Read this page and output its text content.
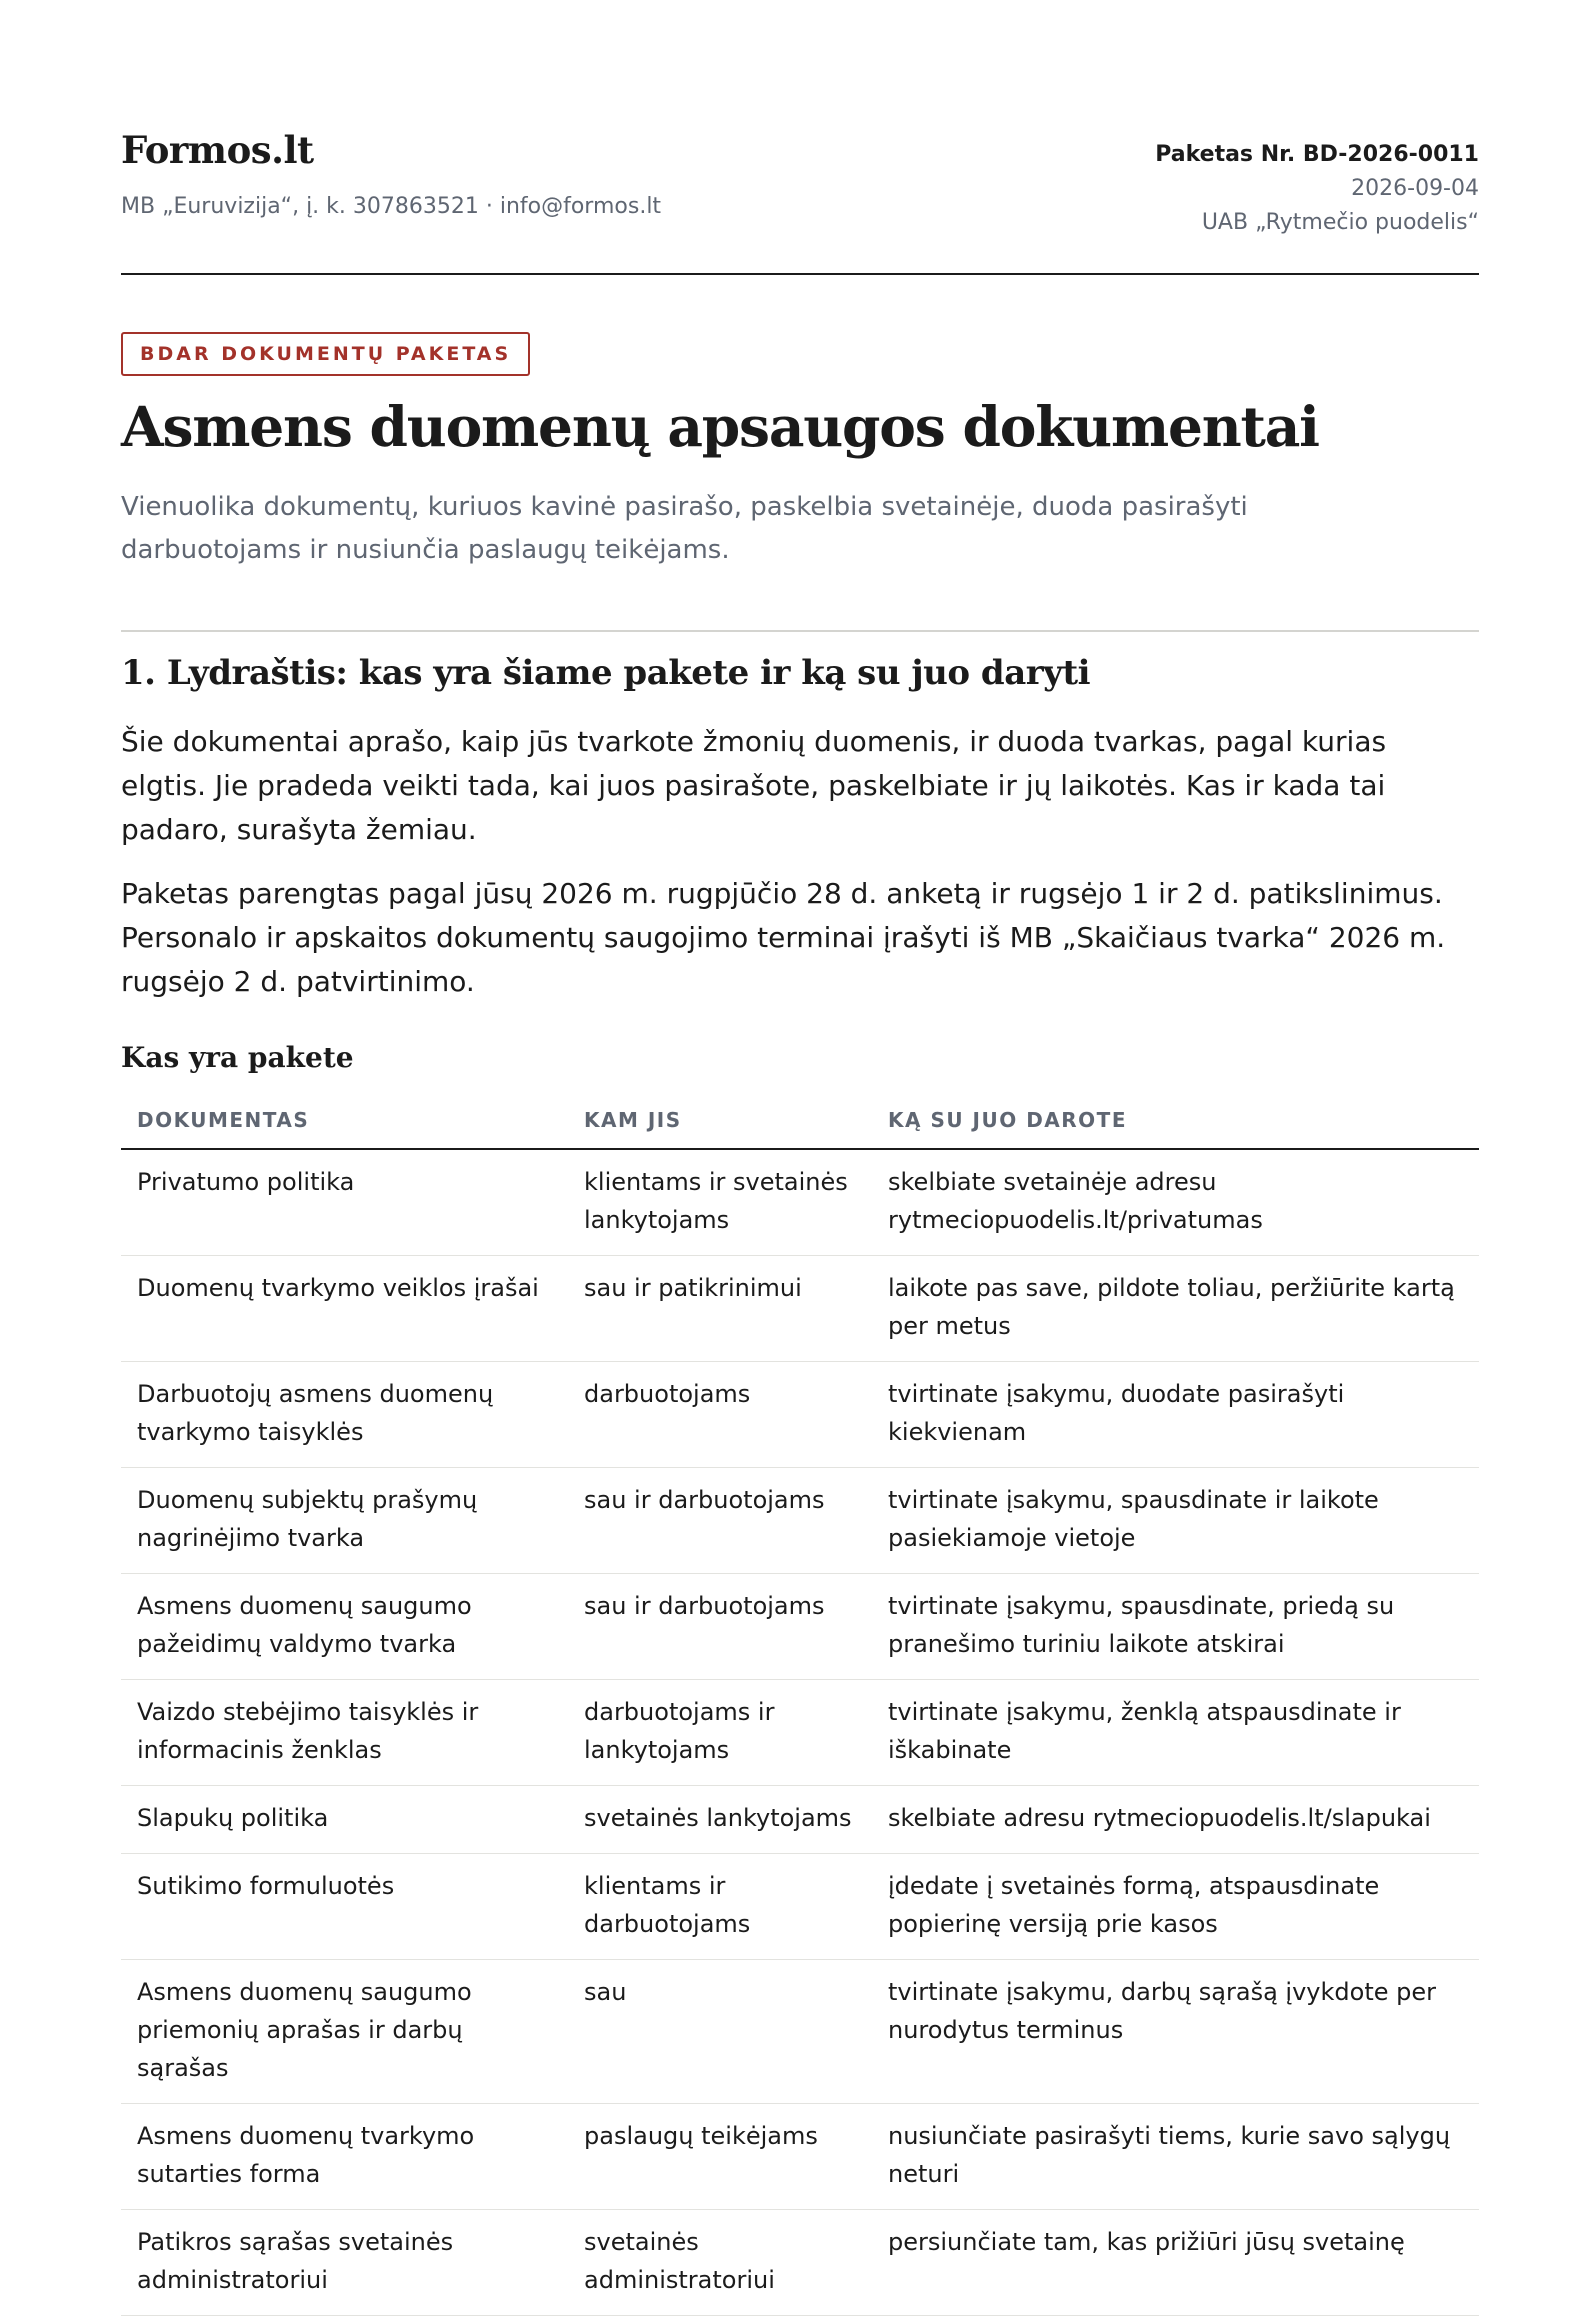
Formos.lt
MB „Euruvizija“, į. k. 307863521 · info@formos.lt
Paketas Nr. BD-2026-0011
2026-09-04
UAB „Rytmečio puodelis“
BDAR DOKUMENTŲ PAKETAS
Asmens duomenų apsaugos dokumentai
Vienuolika dokumentų, kuriuos kavinė pasirašo, paskelbia svetainėje, duoda pasirašyti darbuotojams ir nusiunčia paslaugų teikėjams.
1. Lydraštis: kas yra šiame pakete ir ką su juo daryti

Šie dokumentai aprašo, kaip jūs tvarkote žmonių duomenis, ir duoda tvarkas, pagal kurias elgtis. Jie pradeda veikti tada, kai juos pasirašote, paskelbiate ir jų laikotės. Kas ir kada tai padaro, surašyta žemiau.

Paketas parengtas pagal jūsų 2026 m. rugpjūčio 28 d. anketą ir rugsėjo 1 ir 2 d. patikslinimus. Personalo ir apskaitos dokumentų saugojimo terminai įrašyti iš MB „Skaičiaus tvarka“ 2026 m. rugsėjo 2 d. patvirtinimo.

Kas yra pakete
DOKUMENTAS	KAM JIS	KĄ SU JUO DAROTE
Privatumo politika	klientams ir svetainės lankytojams	skelbiate svetainėje adresu rytmeciopuodelis.lt/privatumas
Duomenų tvarkymo veiklos įrašai	sau ir patikrinimui	laikote pas save, pildote toliau, peržiūrite kartą per metus
Darbuotojų asmens duomenų tvarkymo taisyklės	darbuotojams	tvirtinate įsakymu, duodate pasirašyti kiekvienam
Duomenų subjektų prašymų nagrinėjimo tvarka	sau ir darbuotojams	tvirtinate įsakymu, spausdinate ir laikote pasiekiamoje vietoje
Asmens duomenų saugumo pažeidimų valdymo tvarka	sau ir darbuotojams	tvirtinate įsakymu, spausdinate, priedą su pranešimo turiniu laikote atskirai
Vaizdo stebėjimo taisyklės ir informacinis ženklas	darbuotojams ir lankytojams	tvirtinate įsakymu, ženklą atspausdinate ir iškabinate
Slapukų politika	svetainės lankytojams	skelbiate adresu rytmeciopuodelis.lt/slapukai
Sutikimo formuluotės	klientams ir darbuotojams	įdedate į svetainės formą, atspausdinate popierinę versiją prie kasos
Asmens duomenų saugumo priemonių aprašas ir darbų sąrašas	sau	tvirtinate įsakymu, darbų sąrašą įvykdote per nurodytus terminus
Asmens duomenų tvarkymo sutarties forma	paslaugų teikėjams	nusiunčiate pasirašyti tiems, kurie savo sąlygų neturi
Patikros sąrašas svetainės administratoriui	svetainės administratoriui	persiunčiate tam, kas prižiūri jūsų svetainę
